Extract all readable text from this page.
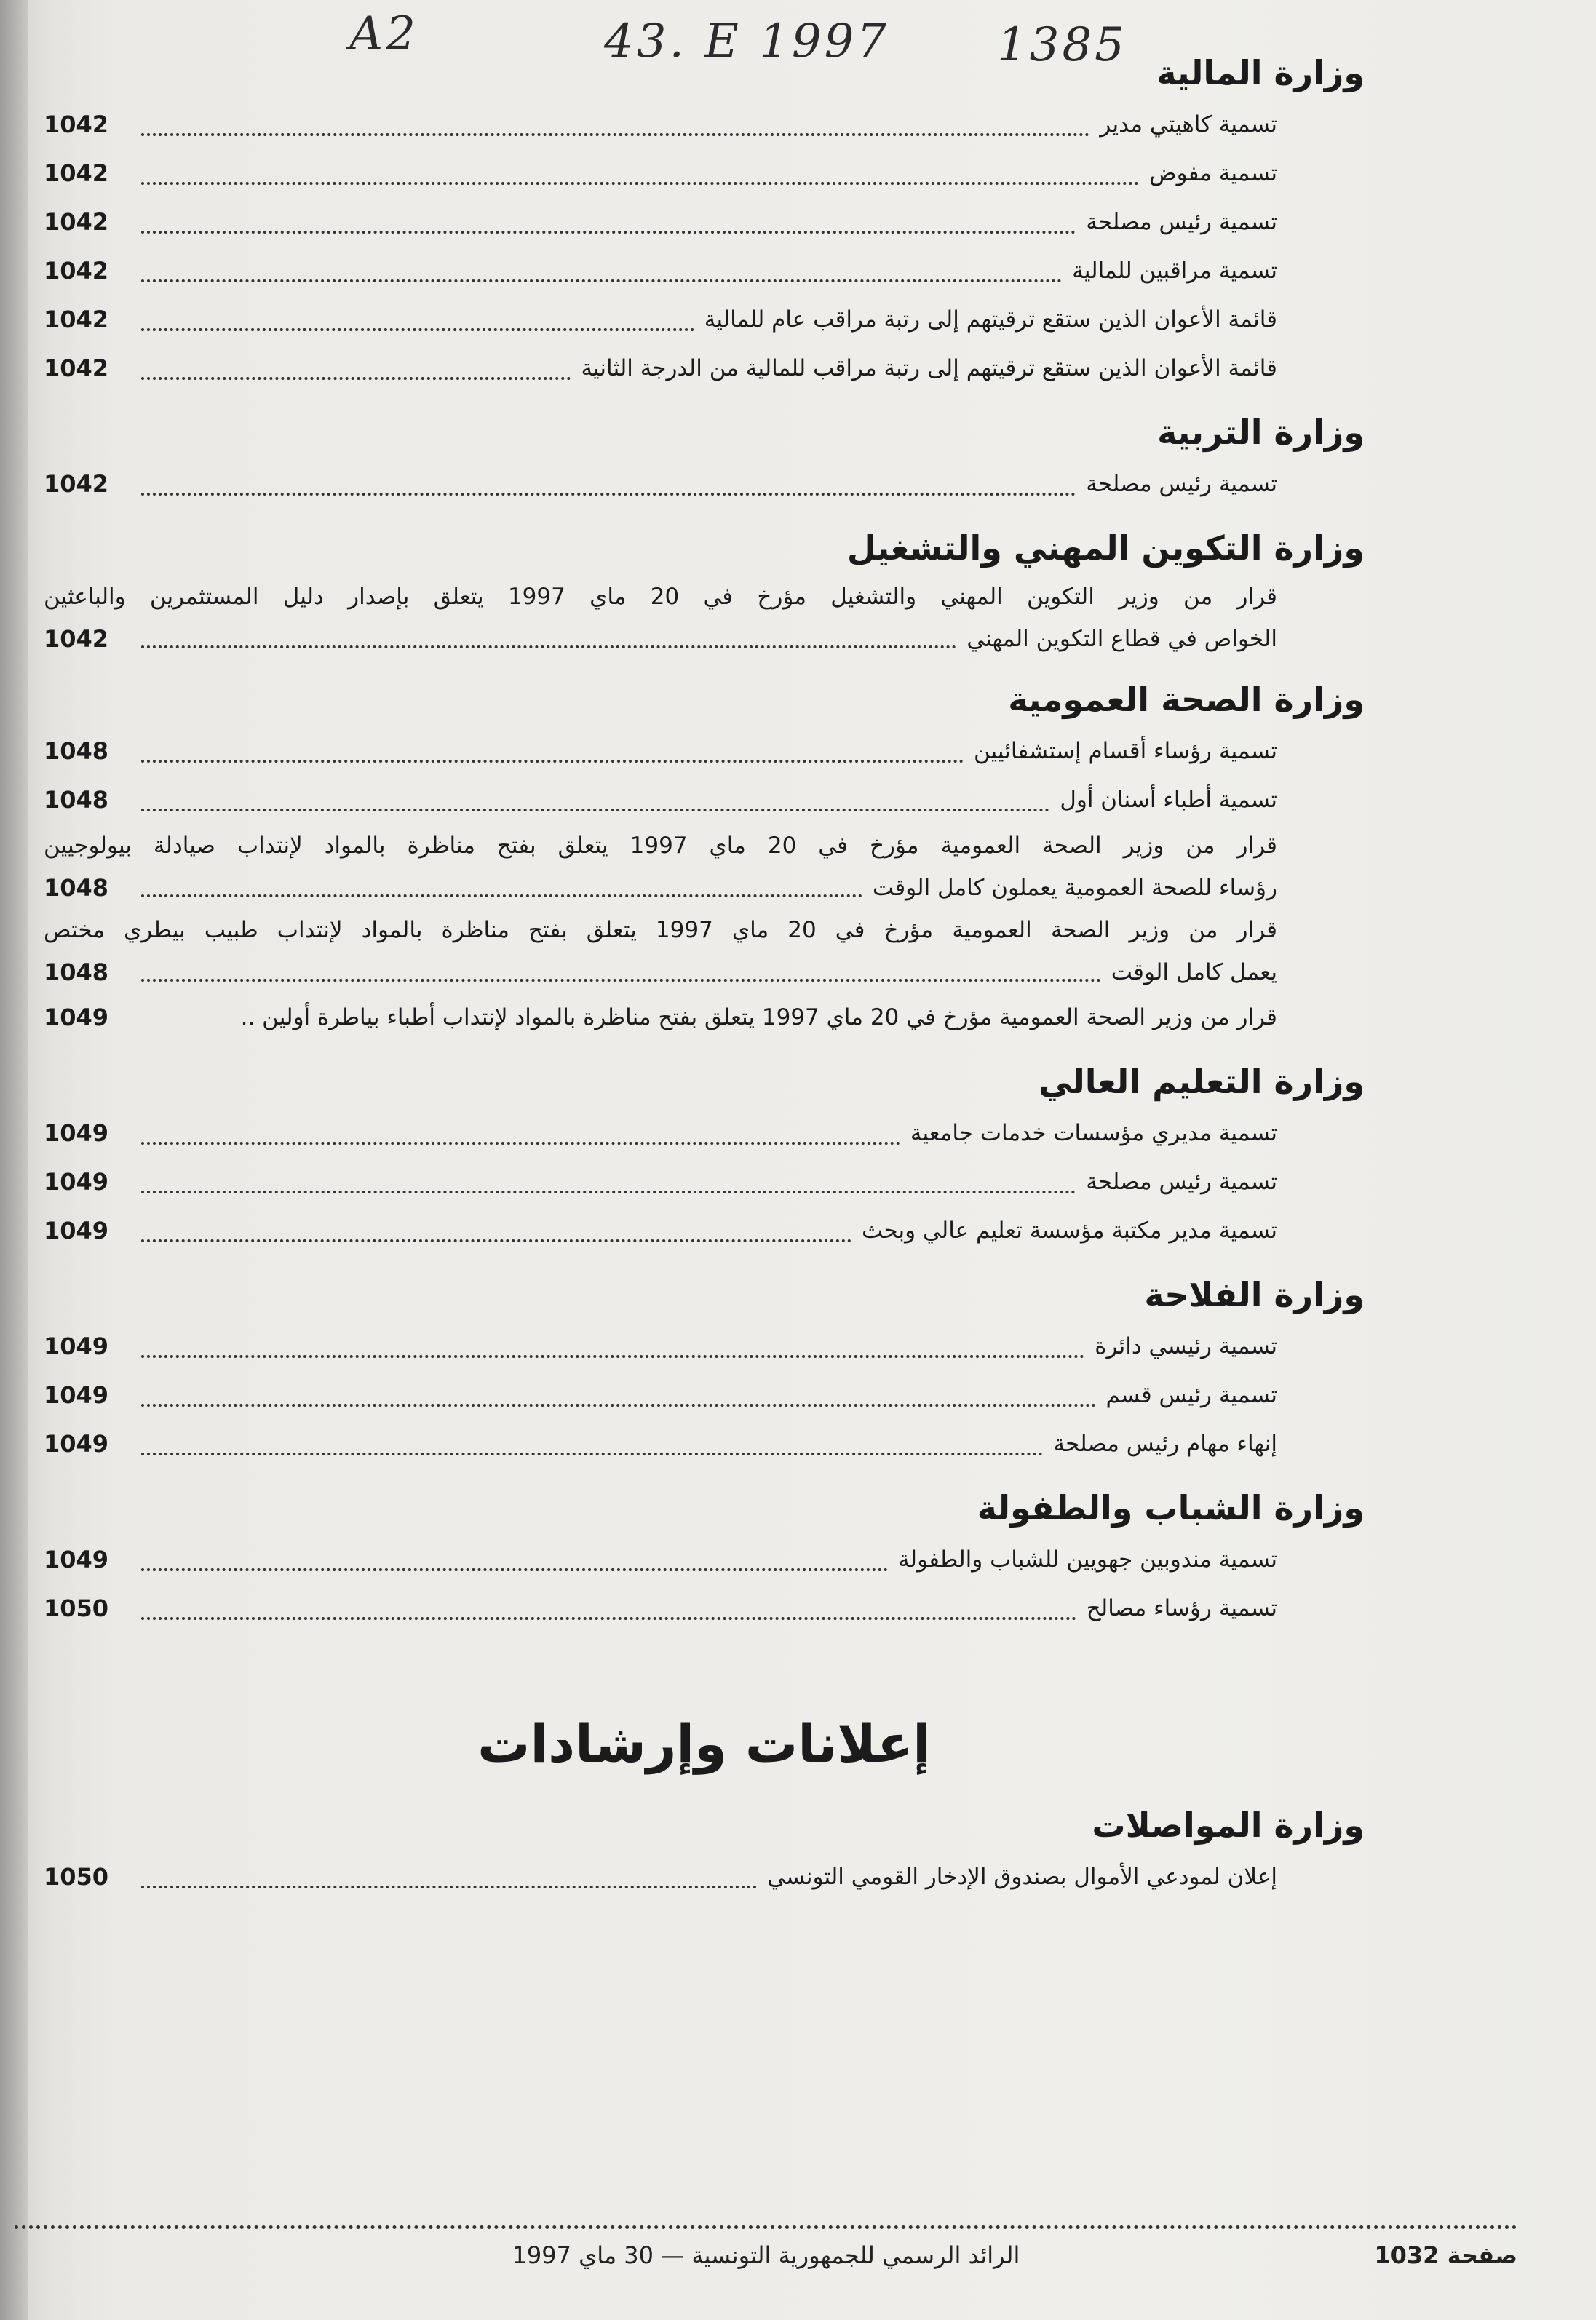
A2	43. E 1997 1385
وزارة المالية
تسمية كاهيتي مدير
1042
تسمية مفوض
1042
تسمية رئيس مصلحة
1042
تسمية مراقبين للمالية
1042
قائمة الأعوان الذين ستقع ترقيتهم إلى رتبة مراقب عام للمالية
1042
قائمة الأعوان الذين ستقع ترقيتهم إلى رتبة مراقب للمالية من الدرجة الثانية
1042
وزارة التربية
تسمية رئيس مصلحة
1042
وزارة التكوين المهني والتشغيل
قرار من وزير التكوين المهني والتشغيل مؤرخ في 20 ماي 1997 يتعلق بإصدار دليل المستثمرين والباعثين
الخواص في قطاع التكوين المهني
1042
وزارة الصحة العمومية
تسمية رؤساء أقسام إستشفائيين
1048
تسمية أطباء أسنان أول
1048
قرار من وزير الصحة العمومية مؤرخ في 20 ماي 1997 يتعلق بفتح مناظرة بالمواد لإنتداب صيادلة بيولوجيين
رؤساء للصحة العمومية يعملون كامل الوقت
1048
قرار من وزير الصحة العمومية مؤرخ في 20 ماي 1997 يتعلق بفتح مناظرة بالمواد لإنتداب طبيب بيطري مختص
يعمل كامل الوقت
1048
قرار من وزير الصحة العمومية مؤرخ في 20 ماي 1997 يتعلق بفتح مناظرة بالمواد لإنتداب أطباء بياطرة أولين ..
1049
وزارة التعليم العالي
تسمية مديري مؤسسات خدمات جامعية
1049
تسمية رئيس مصلحة
1049
تسمية مدير مكتبة مؤسسة تعليم عالي وبحث
1049
وزارة الفلاحة
تسمية رئيسي دائرة
1049
تسمية رئيس قسم
1049
إنهاء مهام رئيس مصلحة
1049
وزارة الشباب والطفولة
تسمية مندوبين جهويين للشباب والطفولة
1049
تسمية رؤساء مصالح
1050
إعلانات وإرشادات
وزارة المواصلات
إعلان لمودعي الأموال بصندوق الإدخار القومي التونسي
1050
الرائد الرسمي للجمهورية التونسية — 30 ماي 1997	صفحة 1032
